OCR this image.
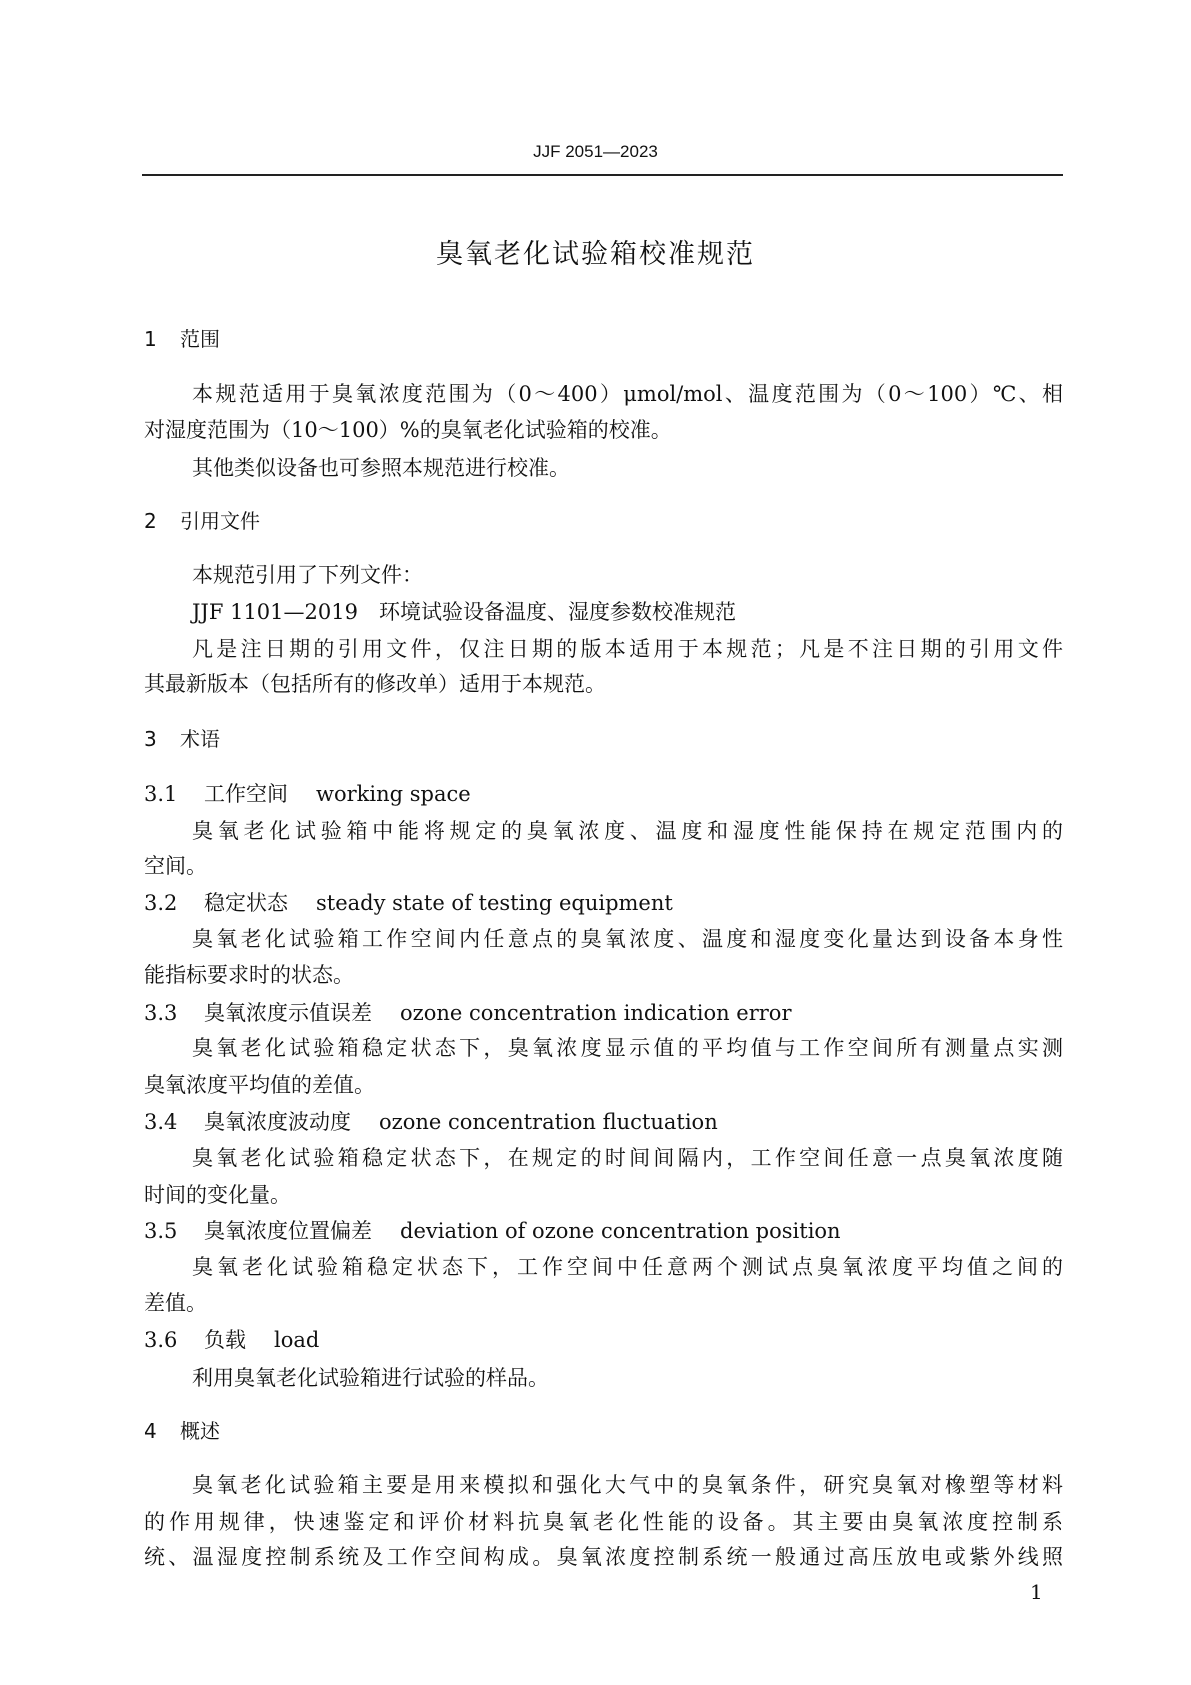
JJF 2051—2023
臭氧老化试验箱校准规范
1 范围
本规范适用于臭氧浓度范围为（0～400）μmol/mol、温度范围为（0～100）℃、相
对湿度范围为（10～100）%的臭氧老化试验箱的校准。
其他类似设备也可参照本规范进行校准。
2 引用文件
本规范引用了下列文件：
JJF 1101—2019　环境试验设备温度、湿度参数校准规范
凡是注日期的引用文件，仅注日期的版本适用于本规范；凡是不注日期的引用文件
其最新版本（包括所有的修改单）适用于本规范。
3 术语
3.1 工作空间 working space
臭氧老化试验箱中能将规定的臭氧浓度、温度和湿度性能保持在规定范围内的
空间。
3.2 稳定状态 steady state of testing equipment
臭氧老化试验箱工作空间内任意点的臭氧浓度、温度和湿度变化量达到设备本身性
能指标要求时的状态。
3.3 臭氧浓度示值误差 ozone concentration indication error
臭氧老化试验箱稳定状态下，臭氧浓度显示值的平均值与工作空间所有测量点实测
臭氧浓度平均值的差值。
3.4 臭氧浓度波动度 ozone concentration fluctuation
臭氧老化试验箱稳定状态下，在规定的时间间隔内，工作空间任意一点臭氧浓度随
时间的变化量。
3.5 臭氧浓度位置偏差 deviation of ozone concentration position
臭氧老化试验箱稳定状态下，工作空间中任意两个测试点臭氧浓度平均值之间的
差值。
3.6 负载 load
利用臭氧老化试验箱进行试验的样品。
4 概述
臭氧老化试验箱主要是用来模拟和强化大气中的臭氧条件，研究臭氧对橡塑等材料
的作用规律，快速鉴定和评价材料抗臭氧老化性能的设备。其主要由臭氧浓度控制系
统、温湿度控制系统及工作空间构成。臭氧浓度控制系统一般通过高压放电或紫外线照
1
